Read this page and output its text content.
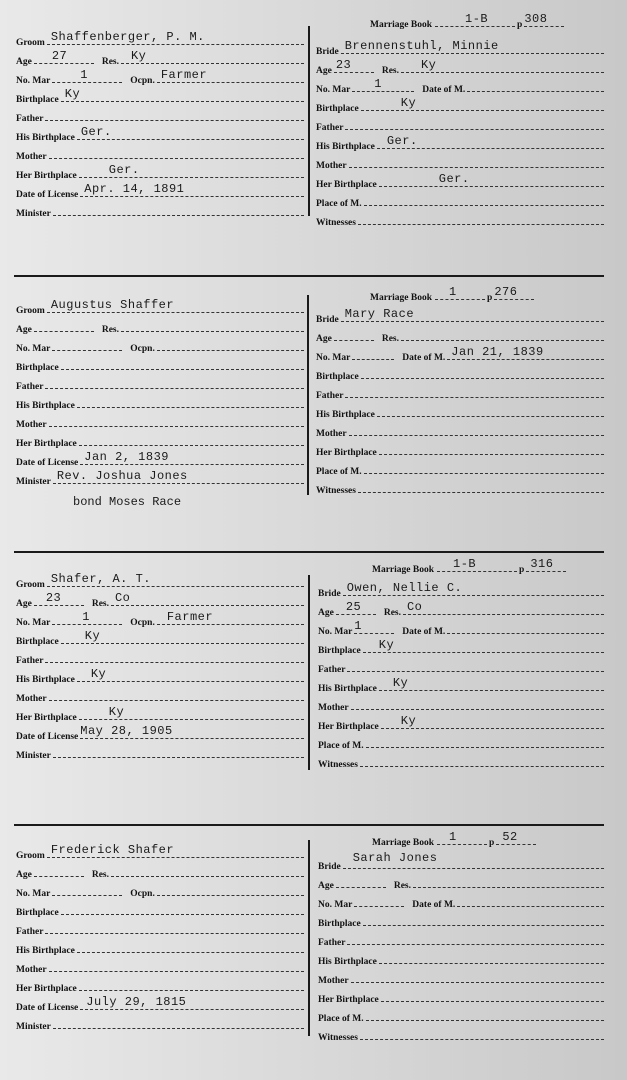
Marriage Book	1-B	p 308
Groom Shaffenberger, P. M.
Age 27	Res. Ky
No. Mar	1	Ocpn. Farmer
Birthplace Ky
Father
His Birthplace Ger.
Mother
Her Birthplace	Ger.
Date of License Apr. 14, 1891
Minister
Bride Brennenstuhl, Minnie
Age 23	Res. Ky
No. Mar 1	Date of M.
Birthplace	Ky
Father
His Birthplace Ger.
Mother
Her Birthplace	Ger.
Place of M.
Witnesses
Marriage Book 1	p 276
Groom Augustus Shaffer
Age	Res.
No. Mar	Ocpn.
Birthplace
Father
His Birthplace
Mother
Her Birthplace
Date of License Jan 2, 1839
Minister Rev. Joshua Jones
bond Moses Race
Bride Mary Race
Age	Res.
No. Mar	Date of M. Jan 21, 1839
Birthplace
Father
His Birthplace
Mother
Her Birthplace
Place of M.
Witnesses
Marriage Book 1-B	p 316
Groom Shafer, A. T.
Age 23	Res. Co
No. Mar	1	Ocpn. Farmer
Birthplace Ky
Father
His Birthplace Ky
Mother
Her Birthplace	Ky
Date of License May 28, 1905
Minister
Bride Owen, Nellie C.
Age 25 Res. Co
No. Mar 1	Date of M.
Birthplace Ky
Father
His Birthplace Ky
Mother
Her Birthplace Ky
Place of M.
Witnesses
Marriage Book 1	p 52
Groom Frederick Shafer
Age	Res.
No. Mar	Ocpn.
Birthplace
Father
His Birthplace
Mother
Her Birthplace
Date of License July 29, 1815
Minister
Bride
Sarah Jones
Age	Res.
No. Mar	Date of M.
Birthplace
Father
His Birthplace
Mother
Her Birthplace
Place of M.
Witnesses
